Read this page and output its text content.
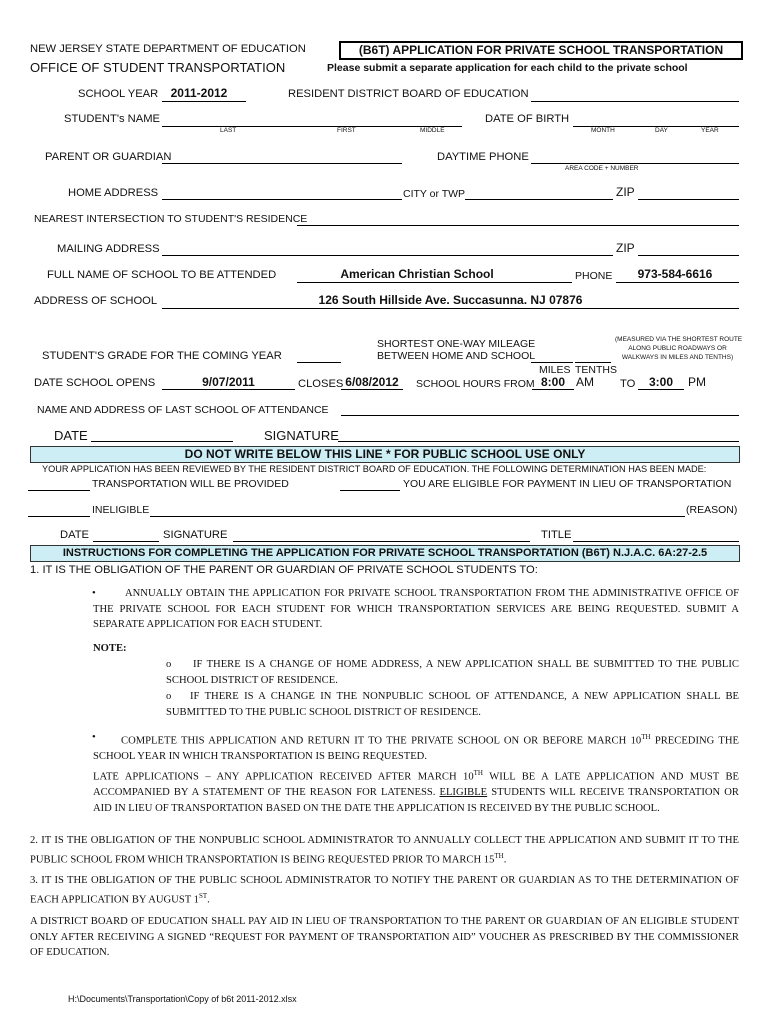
NEW JERSEY STATE DEPARTMENT OF EDUCATION
OFFICE OF STUDENT TRANSPORTATION
(B6T) APPLICATION FOR PRIVATE SCHOOL TRANSPORTATION
Please submit a separate application for each child to the private school
SCHOOL YEAR	2011-2012	RESIDENT DISTRICT BOARD OF EDUCATION
STUDENT's NAME
LAST	FIRST	MIDDLE
DATE OF BIRTH
MONTH	DAY	YEAR
PARENT OR GUARDIAN	DAYTIME PHONE
AREA CODE + NUMBER
HOME ADDRESS	CITY or TWP	ZIP
NEAREST INTERSECTION TO STUDENT'S RESIDENCE
MAILING ADDRESS	ZIP
FULL NAME OF SCHOOL TO BE ATTENDED	American Christian School	PHONE	973-584-6616
ADDRESS OF SCHOOL	126 South Hillside Ave. Succasunna. NJ 07876
SHORTEST ONE-WAY MILEAGE
BETWEEN HOME AND SCHOOL
(MEASURED VIA THE SHORTEST ROUTE
ALONG PUBLIC ROADWAYS OR
WALKWAYS IN MILES AND TENTHS)
MILES TENTHS
STUDENT'S GRADE FOR THE COMING YEAR
DATE SCHOOL OPENS	9/07/2011	CLOSES 6/08/2012	SCHOOL HOURS FROM 8:00 AM TO	3:00	PM
NAME AND ADDRESS OF LAST SCHOOL OF ATTENDANCE
DATE	SIGNATURE
DO NOT WRITE BELOW THIS LINE * FOR PUBLIC SCHOOL USE ONLY
YOUR APPLICATION HAS BEEN REVIEWED BY THE RESIDENT DISTRICT BOARD OF EDUCATION. THE FOLLOWING DETERMINATION HAS BEEN MADE:
TRANSPORTATION WILL BE PROVIDED	YOU ARE ELIGIBLE FOR PAYMENT IN LIEU OF TRANSPORTATION
INELIGIBLE	(REASON)
DATE	SIGNATURE	TITLE
INSTRUCTIONS FOR COMPLETING THE APPLICATION FOR PRIVATE SCHOOL TRANSPORTATION (B6T) N.J.A.C. 6A:27-2.5
1. IT IS THE OBLIGATION OF THE PARENT OR GUARDIAN OF PRIVATE SCHOOL STUDENTS TO:
•	ANNUALLY OBTAIN THE APPLICATION FOR PRIVATE SCHOOL TRANSPORTATION FROM THE ADMINISTRATIVE OFFICE OF THE PRIVATE SCHOOL FOR EACH STUDENT FOR WHICH TRANSPORTATION SERVICES ARE BEING REQUESTED. SUBMIT A SEPARATE APPLICATION FOR EACH STUDENT.
NOTE:
o	IF THERE IS A CHANGE OF HOME ADDRESS, A NEW APPLICATION SHALL BE SUBMITTED TO THE PUBLIC SCHOOL DISTRICT OF RESIDENCE.
o	IF THERE IS A CHANGE IN THE NONPUBLIC SCHOOL OF ATTENDANCE, A NEW APPLICATION SHALL BE SUBMITTED TO THE PUBLIC SCHOOL DISTRICT OF RESIDENCE.
•	COMPLETE THIS APPLICATION AND RETURN IT TO THE PRIVATE SCHOOL ON OR BEFORE MARCH 10TH PRECEDING THE SCHOOL YEAR IN WHICH TRANSPORTATION IS BEING REQUESTED.
LATE APPLICATIONS – ANY APPLICATION RECEIVED AFTER MARCH 10TH WILL BE A LATE APPLICATION AND MUST BE ACCOMPANIED BY A STATEMENT OF THE REASON FOR LATENESS. ELIGIBLE STUDENTS WILL RECEIVE TRANSPORTATION OR AID IN LIEU OF TRANSPORTATION BASED ON THE DATE THE APPLICATION IS RECEIVED BY THE PUBLIC SCHOOL.
2. IT IS THE OBLIGATION OF THE NONPUBLIC SCHOOL ADMINISTRATOR TO ANNUALLY COLLECT THE APPLICATION AND SUBMIT IT TO THE PUBLIC SCHOOL FROM WHICH TRANSPORTATION IS BEING REQUESTED PRIOR TO MARCH 15TH.
3. IT IS THE OBLIGATION OF THE PUBLIC SCHOOL ADMINISTRATOR TO NOTIFY THE PARENT OR GUARDIAN AS TO THE DETERMINATION OF EACH APPLICATION BY AUGUST 1ST.
A DISTRICT BOARD OF EDUCATION SHALL PAY AID IN LIEU OF TRANSPORTATION TO THE PARENT OR GUARDIAN OF AN ELIGIBLE STUDENT ONLY AFTER RECEIVING A SIGNED “REQUEST FOR PAYMENT OF TRANSPORTATION AID” VOUCHER AS PRESCRIBED BY THE COMMISSIONER OF EDUCATION.
H:\Documents\Transportation\Copy of b6t 2011-2012.xlsx
